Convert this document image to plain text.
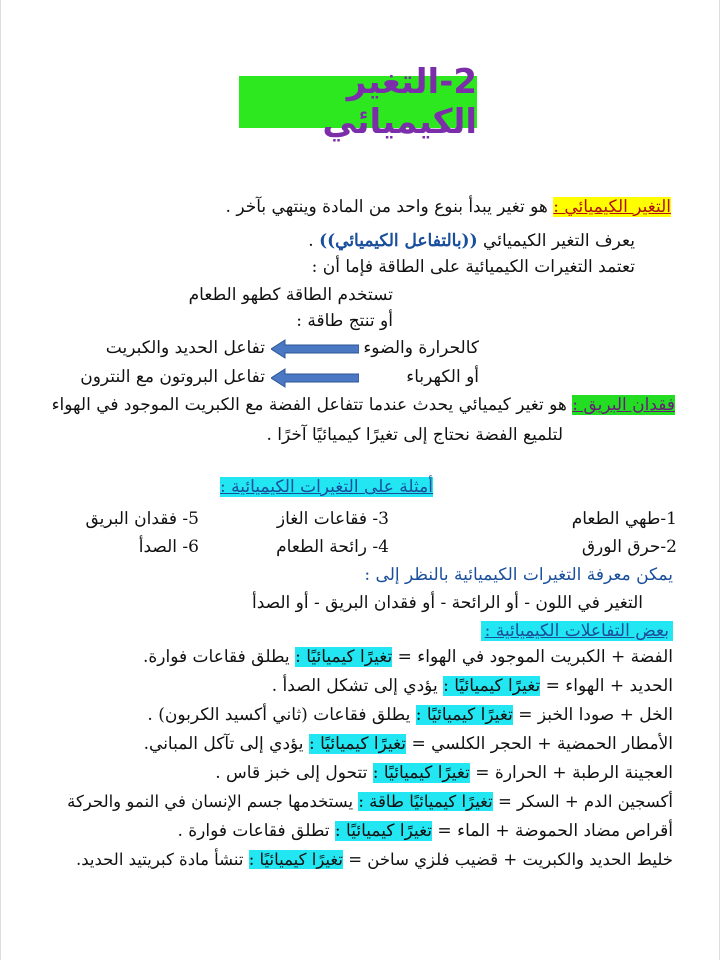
2-التغير الكيميائي
التغير الكيميائي : هو تغير يبدأ بنوع واحد من المادة وينتهي بآخر .
يعرف التغير الكيميائي ((بالتفاعل الكيميائي)) .
تعتمد التغيرات الكيميائية على الطاقة فإما أن :
تستخدم الطاقة كطهو الطعام
أو تنتج طاقة :
كالحرارة والضوء
تفاعل الحديد والكبريت
أو الكهرباء
تفاعل البروتون مع النترون
فقدان البريق : هو تغير كيميائي يحدث عندما تتفاعل الفضة مع الكبريت الموجود في الهواء
لتلميع الفضة نحتاج إلى تغيرًا كيميائيًا آخرًا .
أمثلة على التغيرات الكيميائية :
1-طهي الطعام
3- فقاعات الغاز
5- فقدان البريق
2-حرق الورق
4- رائحة الطعام
6- الصدأ
يمكن معرفة التغيرات الكيميائية بالنظر إلى :
التغير في اللون - أو الرائحة - أو فقدان البريق - أو الصدأ
بعض التفاعلات الكيميائية :
الفضة + الكبريت الموجود في الهواء = تغيرًا كيميائيًا : يطلق فقاعات فوارة.
الحديد + الهواء = تغيرًا كيميائيًا : يؤدي إلى تشكل الصدأ .
الخل + صودا الخبز = تغيرًا كيميائيًا : يطلق فقاعات (ثاني أكسيد الكربون) .
الأمطار الحمضية + الحجر الكلسي = تغيرًا كيميائيًا : يؤدي إلى تآكل المباني.
العجينة الرطبة + الحرارة = تغيرًا كيميائيًا : تتحول إلى خبز قاس .
أكسجين الدم + السكر = تغيرًا كيميائيًا طاقة : يستخدمها جسم الإنسان في النمو والحركة
أقراص مضاد الحموضة + الماء = تغيرًا كيميائيًا : تطلق فقاعات فوارة .
خليط الحديد والكبريت + قضيب فلزي ساخن = تغيرًا كيميائيًا : تنشأ مادة كبريتيد الحديد.
